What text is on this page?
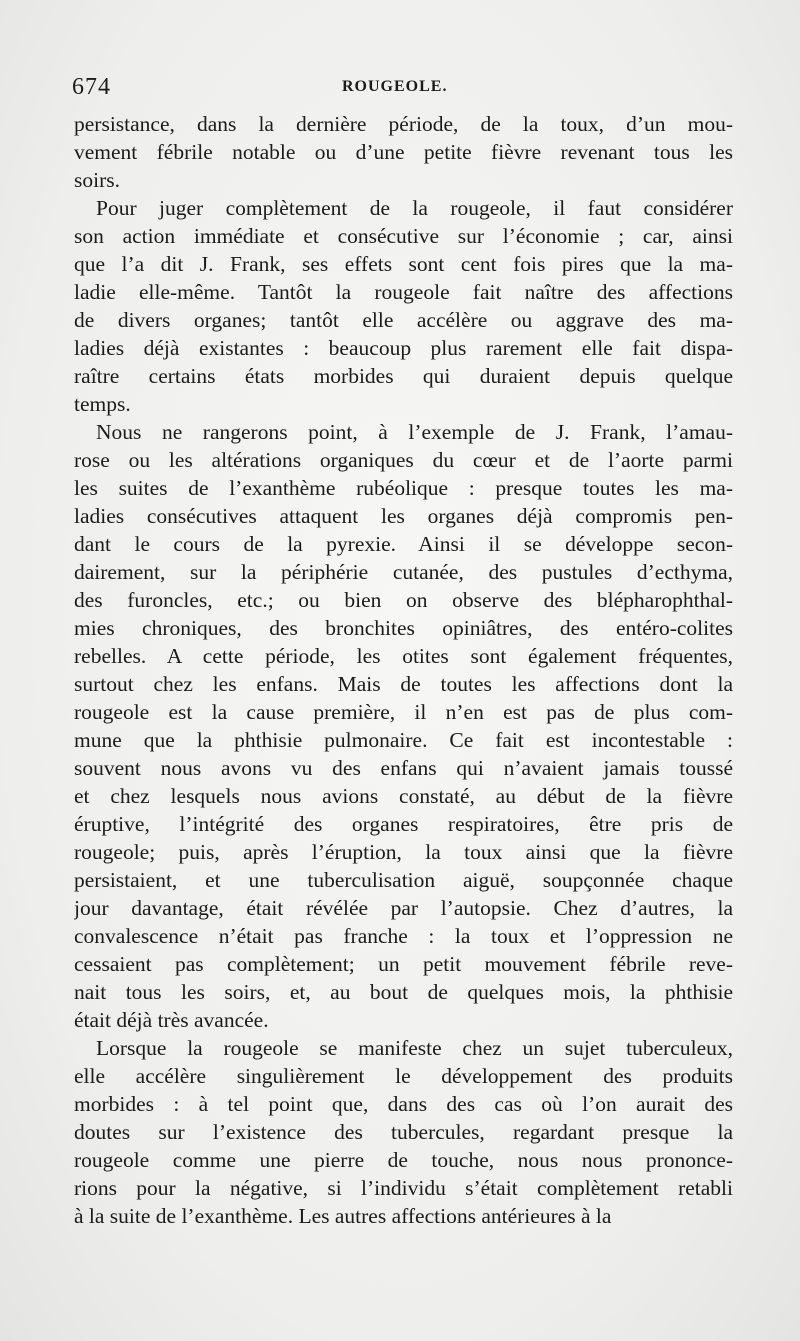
674	ROUGEOLE.
persistance, dans la dernière période, de la toux, d’un mou-
vement fébrile notable ou d’une petite fièvre revenant tous les
soirs.
Pour juger complètement de la rougeole, il faut considérer
son action immédiate et consécutive sur l’économie ; car, ainsi
que l’a dit J. Frank, ses effets sont cent fois pires que la ma-
ladie elle-même. Tantôt la rougeole fait naître des affections
de divers organes; tantôt elle accélère ou aggrave des ma-
ladies déjà existantes : beaucoup plus rarement elle fait dispa-
raître certains états morbides qui duraient depuis quelque
temps.
Nous ne rangerons point, à l’exemple de J. Frank, l’amau-
rose ou les altérations organiques du cœur et de l’aorte parmi
les suites de l’exanthème rubéolique : presque toutes les ma-
ladies consécutives attaquent les organes déjà compromis pen-
dant le cours de la pyrexie. Ainsi il se développe secon-
dairement, sur la périphérie cutanée, des pustules d’ecthyma,
des furoncles, etc.; ou bien on observe des blépharophthal-
mies chroniques, des bronchites opiniâtres, des entéro-colites
rebelles. A cette période, les otites sont également fréquentes,
surtout chez les enfans. Mais de toutes les affections dont la
rougeole est la cause première, il n’en est pas de plus com-
mune que la phthisie pulmonaire. Ce fait est incontestable :
souvent nous avons vu des enfans qui n’avaient jamais toussé
et chez lesquels nous avions constaté, au début de la fièvre
éruptive, l’intégrité des organes respiratoires, être pris de
rougeole; puis, après l’éruption, la toux ainsi que la fièvre
persistaient, et une tuberculisation aiguë, soupçonnée chaque
jour davantage, était révélée par l’autopsie. Chez d’autres, la
convalescence n’était pas franche : la toux et l’oppression ne
cessaient pas complètement; un petit mouvement fébrile reve-
nait tous les soirs, et, au bout de quelques mois, la phthisie
était déjà très avancée.
Lorsque la rougeole se manifeste chez un sujet tuberculeux,
elle accélère singulièrement le développement des produits
morbides : à tel point que, dans des cas où l’on aurait des
doutes sur l’existence des tubercules, regardant presque la
rougeole comme une pierre de touche, nous nous prononce-
rions pour la négative, si l’individu s’était complètement retabli
à la suite de l’exanthème. Les autres affections antérieures à la
